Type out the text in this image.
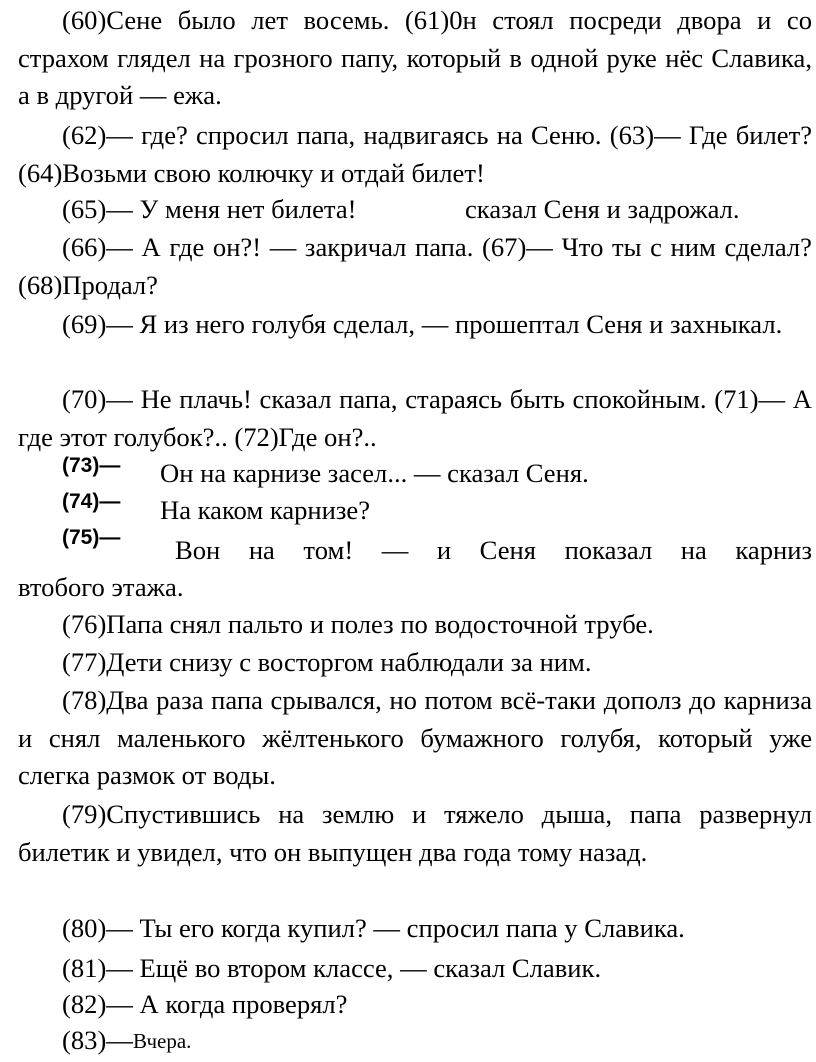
(60)Сене было лет восемь. (61)0н стоял посреди двора и со страхом глядел на грозного папу, который в одной руке нёс Славика, а в другой — ежа.

(62)— где? спросил папа, надвигаясь на Сеню. (63)— Где билет? (64)Возьми свою колючку и отдай билет!

(65)— У меня нет билета!	сказал Сеня и задрожал.

(66)— А где он?! — закричал папа. (67)— Что ты с ним сделал? (68)Продал?

(69)— Я из него голубя сделал, — прошептал Сеня и захныкал.

(70)— Не плачь! сказал папа, стараясь быть спокойным. (71)— А где этот голубок?.. (72)Где он?..

(73)— Он на карнизе засел... — сказал Сеня.
(74)— На каком карнизе?
(75)— Вон на том! — и Сеня показал на карниз
втобого этажа.

(76)Папа снял пальто и полез по водосточной трубе.

(77)Дети снизу с восторгом наблюдали за ним.

(78)Два раза папа срывался, но потом всё-таки дополз до карниза и снял маленького жёлтенького бумажного голубя, который уже слегка размок от воды.

(79)Спустившись на землю и тяжело дыша, папа развернул билетик и увидел, что он выпущен два года тому назад.

(80)— Ты его когда купил? — спросил папа у Славика.

(81)— Ещё во втором классе, — сказал Славик.

(82)— А когда проверял?

(83)— Вчера.
